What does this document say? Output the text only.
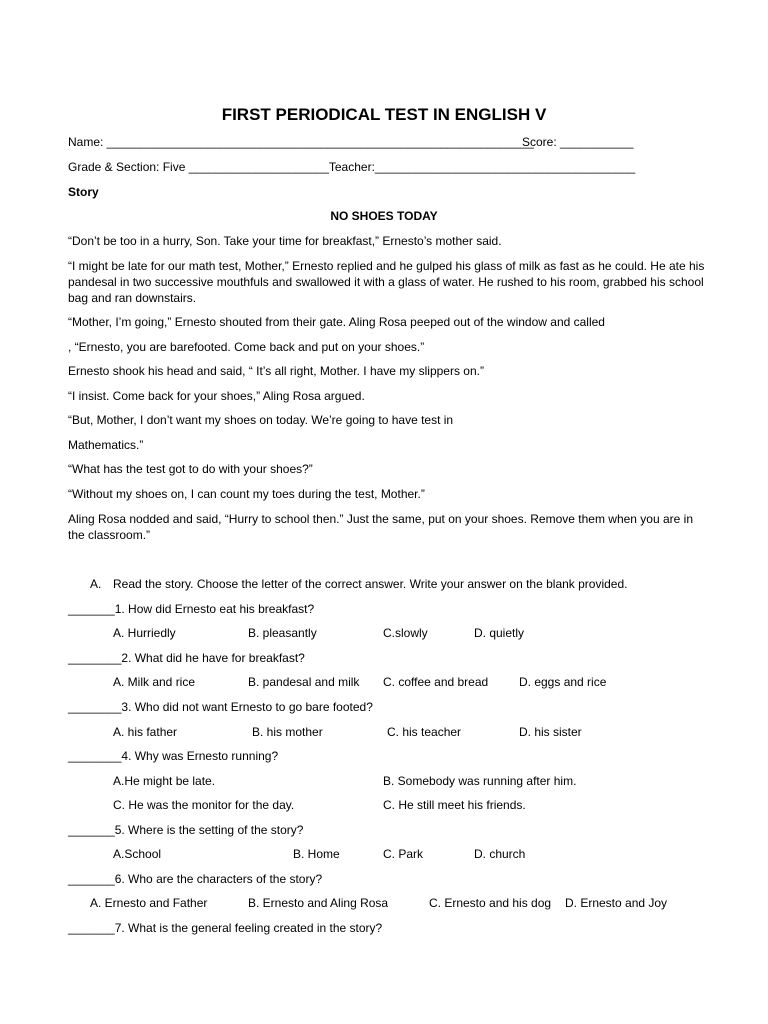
FIRST PERIODICAL TEST IN ENGLISH V
Name: ________________________________________________________________
Score: ___________
Grade & Section: Five _____________________Teacher:_______________________________________
Story
NO SHOES TODAY
“Don’t be too in a hurry, Son. Take your time for breakfast,” Ernesto’s mother said.
“I might be late for our math test, Mother,” Ernesto replied and he gulped his glass of milk as fast as he could. He ate his pandesal in two successive mouthfuls and swallowed it with a glass of water. He rushed to his room, grabbed his school bag and ran downstairs.
“Mother, I’m going,” Ernesto shouted from their gate. Aling Rosa peeped out of the window and called
, “Ernesto, you are barefooted. Come back and put on your shoes.”
Ernesto shook his head and said, “ It’s all right, Mother. I have my slippers on.”
“I insist. Come back for your shoes,” Aling Rosa argued.
“But, Mother, I don’t want my shoes on today. We’re going to have test in
Mathematics.”
“What has the test got to do with your shoes?”
“Without my shoes on, I can count my toes during the test, Mother.”
Aling Rosa nodded and said, “Hurry to school then.” Just the same, put on your shoes. Remove them when you are in the classroom.”
A. Read the story. Choose the letter of the correct answer. Write your answer on the blank provided.
_______1. How did Ernesto eat his breakfast?
A. Hurriedly	B. pleasantly	C.slowly	D. quietly
________2. What did he have for breakfast?
A. Milk and rice	B. pandesal and milk C. coffee and bread	D. eggs and rice
________3. Who did not want Ernesto to go bare footed?
A. his father	B. his mother	C. his teacher	D. his sister
________4. Why was Ernesto running?
A.He might be late.	B. Somebody was running after him.
C. He was the monitor for the day.	C. He still meet his friends.
_______5. Where is the setting of the story?
A.School	B. Home	C. Park	D. church
_______6. Who are the characters of the story?
A. Ernesto and Father	B. Ernesto and Aling Rosa	C. Ernesto and his dog D. Ernesto and Joy
_______7. What is the general feeling created in the story?
